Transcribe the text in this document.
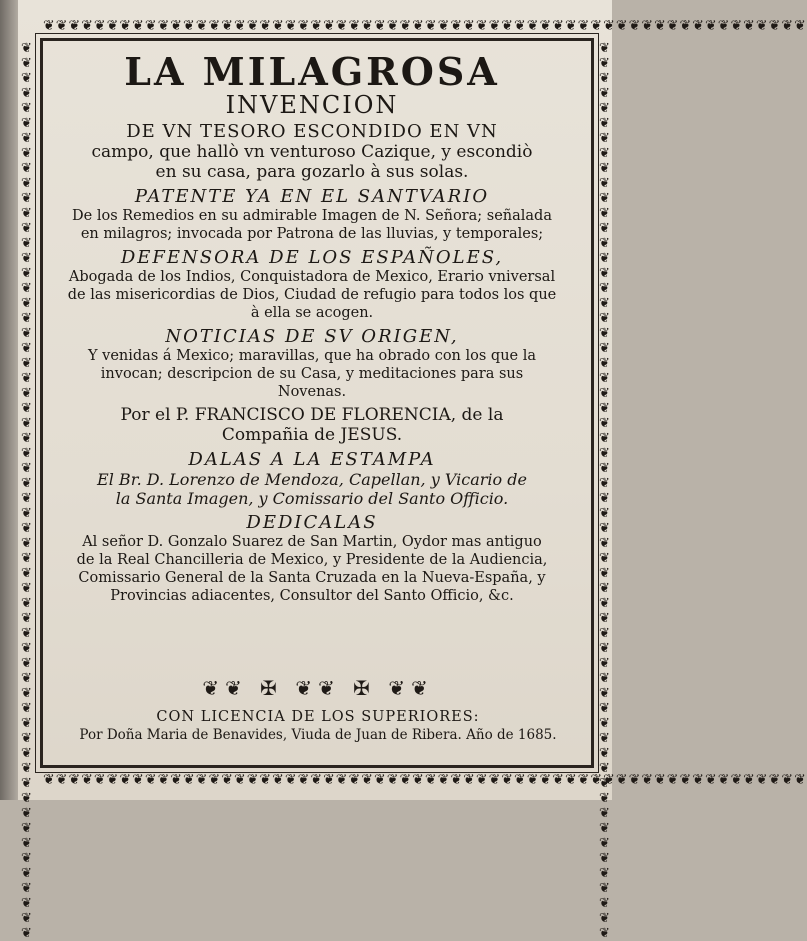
❦❦❦❦❦❦❦❦❦❦❦❦❦❦❦❦❦❦❦❦❦❦❦❦❦❦❦❦❦❦❦❦❦❦❦❦❦❦❦❦❦❦❦❦❦❦❦❦❦❦❦❦❦❦❦❦❦❦❦❦
❦❦❦❦❦❦❦❦❦❦❦❦❦❦❦❦❦❦❦❦❦❦❦❦❦❦❦❦❦❦❦❦❦❦❦❦❦❦❦❦❦❦❦❦❦❦❦❦❦❦❦❦❦❦❦❦❦❦❦❦
❦❦❦❦❦❦❦❦❦❦❦❦❦❦❦❦❦❦❦❦❦❦❦❦❦❦❦❦❦❦❦❦❦❦❦❦❦❦❦❦❦❦❦❦❦❦❦❦❦❦❦❦❦❦❦❦❦❦❦❦	❦❦❦❦❦❦❦❦❦❦❦❦❦❦❦❦❦❦❦❦❦❦❦❦❦❦❦❦❦❦❦❦❦❦❦❦❦❦❦❦❦❦❦❦❦❦❦❦❦❦❦❦❦❦❦❦❦❦❦❦

LA MILAGROSA

INVENCION

DE VN TESORO ESCONDIDO EN VN

campo, que hallò vn venturoso Cazique, y escondiò

en su casa, para gozarlo à sus solas.

PATENTE YA EN EL SANTVARIO

De los Remedios en su admirable Imagen de N. Señora; señalada

en milagros; invocada por Patrona de las lluvias, y temporales;

DEFENSORA DE LOS ESPAÑOLES,

Abogada de los Indios, Conquistadora de Mexico, Erario vniversal

de las misericordias de Dios, Ciudad de refugio para todos los que

à ella se acogen.

NOTICIAS DE SV ORIGEN,

Y venidas á Mexico; maravillas, que ha obrado con los que la

invocan; descripcion de su Casa, y meditaciones para sus

Novenas.

Por el P. FRANCISCO DE FLORENCIA, de la

Compañia de JESUS.

DALAS A LA ESTAMPA

El Br. D. Lorenzo de Mendoza, Capellan, y Vicario de

la Santa Imagen, y Comissario del Santo Officio.

DEDICALAS

Al señor D. Gonzalo Suarez de San Martin, Oydor mas antiguo

de la Real Chancilleria de Mexico, y Presidente de la Audiencia,

Comissario General de la Santa Cruzada en la Nueva-España, y

Provincias adiacentes, Consultor del Santo Officio, &c.

❦❦ ✠ ❦❦ ✠ ❦❦

CON LICENCIA DE LOS SUPERIORES:

Por Doña Maria de Benavides, Viuda de Juan de Ribera. Año de 1685.
